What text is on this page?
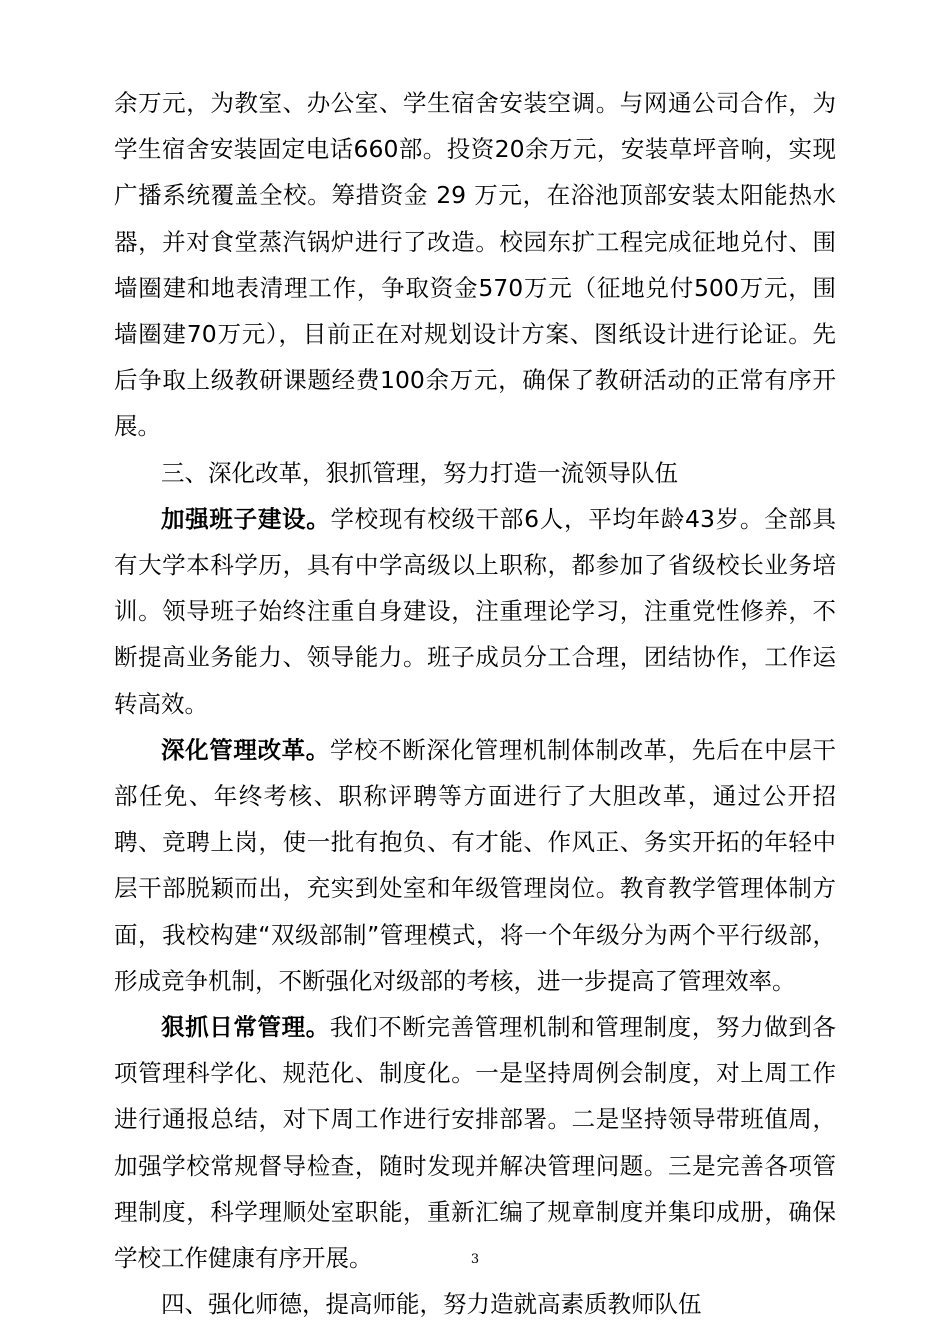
余万元，为教室、办公室、学生宿舍安装空调。与网通公司合作，为学生宿舍安装固定电话660部。投资20余万元，安装草坪音响，实现广播系统覆盖全校。筹措资金 29 万元，在浴池顶部安装太阳能热水器，并对食堂蒸汽锅炉进行了改造。校园东扩工程完成征地兑付、围墙圈建和地表清理工作，争取资金570万元（征地兑付500万元，围墙圈建70万元），目前正在对规划设计方案、图纸设计进行论证。先后争取上级教研课题经费100余万元，确保了教研活动的正常有序开展。

三、深化改革，狠抓管理，努力打造一流领导队伍

加强班子建设。学校现有校级干部6人，平均年龄43岁。全部具有大学本科学历，具有中学高级以上职称，都参加了省级校长业务培训。领导班子始终注重自身建设，注重理论学习，注重党性修养，不断提高业务能力、领导能力。班子成员分工合理，团结协作，工作运转高效。

深化管理改革。学校不断深化管理机制体制改革，先后在中层干部任免、年终考核、职称评聘等方面进行了大胆改革，通过公开招聘、竞聘上岗，使一批有抱负、有才能、作风正、务实开拓的年轻中层干部脱颖而出，充实到处室和年级管理岗位。教育教学管理体制方面，我校构建“双级部制”管理模式，将一个年级分为两个平行级部，形成竞争机制，不断强化对级部的考核，进一步提高了管理效率。

狠抓日常管理。我们不断完善管理机制和管理制度，努力做到各项管理科学化、规范化、制度化。一是坚持周例会制度，对上周工作进行通报总结，对下周工作进行安排部署。二是坚持领导带班值周，加强学校常规督导检查，随时发现并解决管理问题。三是完善各项管理制度，科学理顺处室职能，重新汇编了规章制度并集印成册，确保学校工作健康有序开展。

四、强化师德，提高师能，努力造就高素质教师队伍

3
